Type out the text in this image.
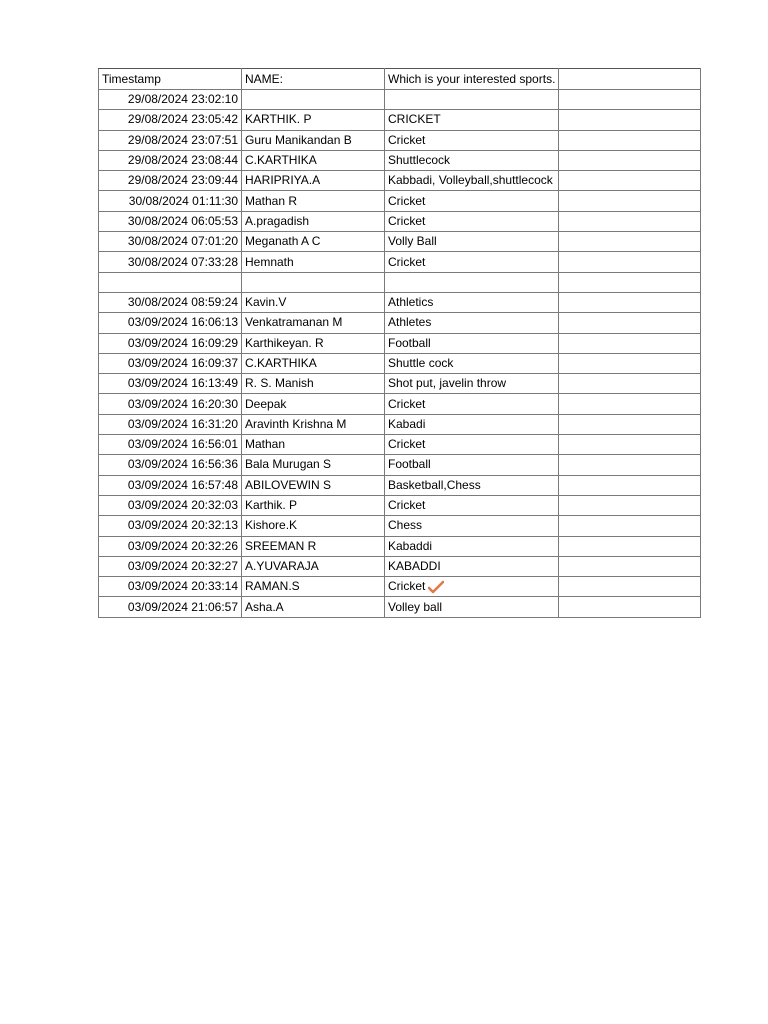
Timestamp	NAME:	Which is your interested sports.	
29/08/2024 23:02:10			
29/08/2024 23:05:42	KARTHIK. P	CRICKET	
29/08/2024 23:07:51	Guru Manikandan B	Cricket	
29/08/2024 23:08:44	C.KARTHIKA	Shuttlecock	
29/08/2024 23:09:44	HARIPRIYA.A	Kabbadi, Volleyball,shuttlecock	
30/08/2024 01:11:30	Mathan R	Cricket	
30/08/2024 06:05:53	A.pragadish	Cricket	
30/08/2024 07:01:20	Meganath A C	Volly Ball	
30/08/2024 07:33:28	Hemnath	Cricket	

30/08/2024 08:59:24	Kavin.V	Athletics	
03/09/2024 16:06:13	Venkatramanan M	Athletes	
03/09/2024 16:09:29	Karthikeyan. R	Football	
03/09/2024 16:09:37	C.KARTHIKA	Shuttle cock	
03/09/2024 16:13:49	R. S. Manish	Shot put, javelin throw	
03/09/2024 16:20:30	Deepak	Cricket	
03/09/2024 16:31:20	Aravinth Krishna M	Kabadi	
03/09/2024 16:56:01	Mathan	Cricket	
03/09/2024 16:56:36	Bala Murugan S	Football	
03/09/2024 16:57:48	ABILOVEWIN S	Basketball,Chess	
03/09/2024 20:32:03	Karthik. P	Cricket	
03/09/2024 20:32:13	Kishore.K	Chess	
03/09/2024 20:32:26	SREEMAN R	Kabaddi	
03/09/2024 20:32:27	A.YUVARAJA	KABADDI	
03/09/2024 20:33:14	RAMAN.S	Cricket	
03/09/2024 21:06:57	Asha.A	Volley ball	
